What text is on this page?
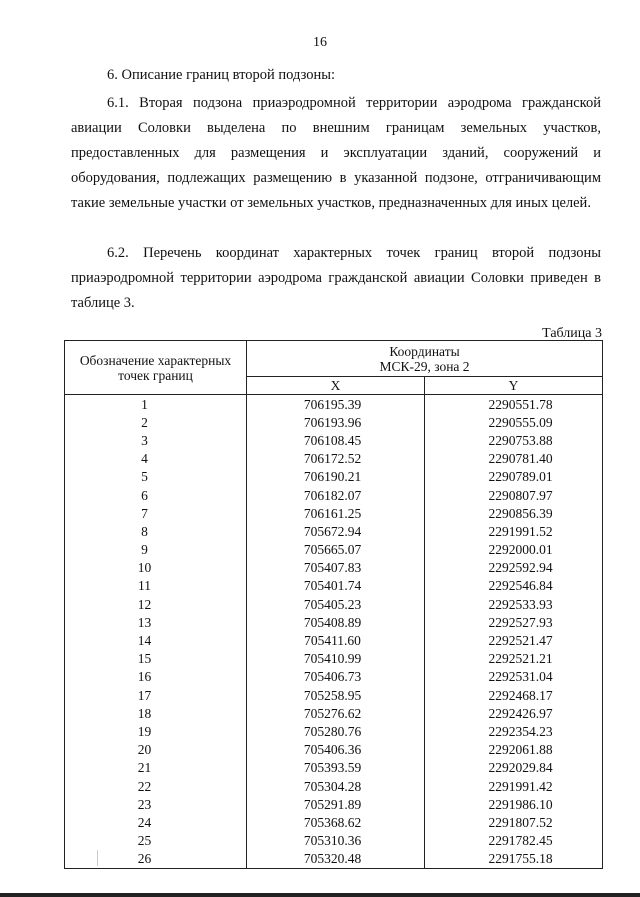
16
6. Описание границ второй подзоны:
6.1. Вторая подзона приаэродромной территории аэродрома гражданской авиации Соловки выделена по внешним границам земельных участков, предоставленных для размещения и эксплуатации зданий, сооружений и оборудования, подлежащих размещению в указанной подзоне, отграничивающим такие земельные участки от земельных участков, предназначенных для иных целей.
6.2. Перечень координат характерных точек границ второй подзоны приаэродромной территории аэродрома гражданской авиации Соловки приведен в таблице 3.
Таблица 3
Обозначение характерных точек границ	Координаты
МСК-29, зона 2	

	X	Y
1	706195.39	2290551.78
2	706193.96	2290555.09
3	706108.45	2290753.88
4	706172.52	2290781.40
5	706190.21	2290789.01
6	706182.07	2290807.97
7	706161.25	2290856.39
8	705672.94	2291991.52
9	705665.07	2292000.01
10	705407.83	2292592.94
11	705401.74	2292546.84
12	705405.23	2292533.93
13	705408.89	2292527.93
14	705411.60	2292521.47
15	705410.99	2292521.21
16	705406.73	2292531.04
17	705258.95	2292468.17
18	705276.62	2292426.97
19	705280.76	2292354.23
20	705406.36	2292061.88
21	705393.59	2292029.84
22	705304.28	2291991.42
23	705291.89	2291986.10
24	705368.62	2291807.52
25	705310.36	2291782.45
26	705320.48	2291755.18
